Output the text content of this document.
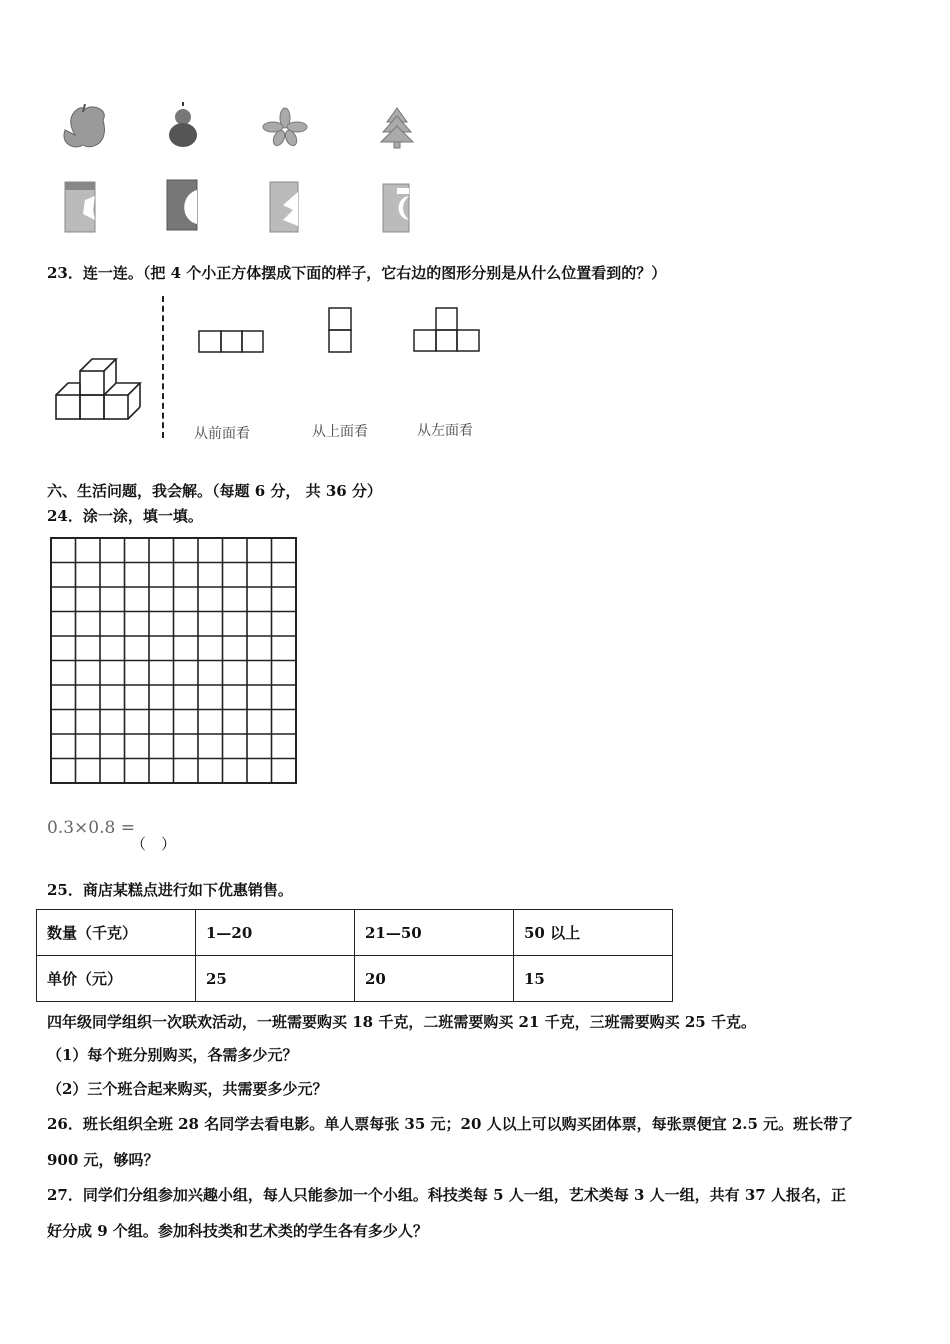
23．连一连。（把 4 个小正方体摆成下面的样子，它右边的图形分别是从什么位置看到的？）
从前面看	从上面看	从左面看
六、生活问题，我会解。（每题 6 分， 共 36 分）
24．涂一涂，填一填。
0.3×0.8 =
（　）
25．商店某糕点进行如下优惠销售。
数量（千克）	1—20	21—50	50 以上
单价（元）	25	20	15
四年级同学组织一次联欢活动，一班需要购买 18 千克，二班需要购买 21 千克，三班需要购买 25 千克。
（1）每个班分别购买，各需多少元？
（2）三个班合起来购买，共需要多少元？
26．班长组织全班 28 名同学去看电影。单人票每张 35 元；20 人以上可以购买团体票，每张票便宜 2.5 元。班长带了
900 元，够吗？
27．同学们分组参加兴趣小组，每人只能参加一个小组。科技类每 5 人一组，艺术类每 3 人一组，共有 37 人报名，正
好分成 9 个组。参加科技类和艺术类的学生各有多少人？
